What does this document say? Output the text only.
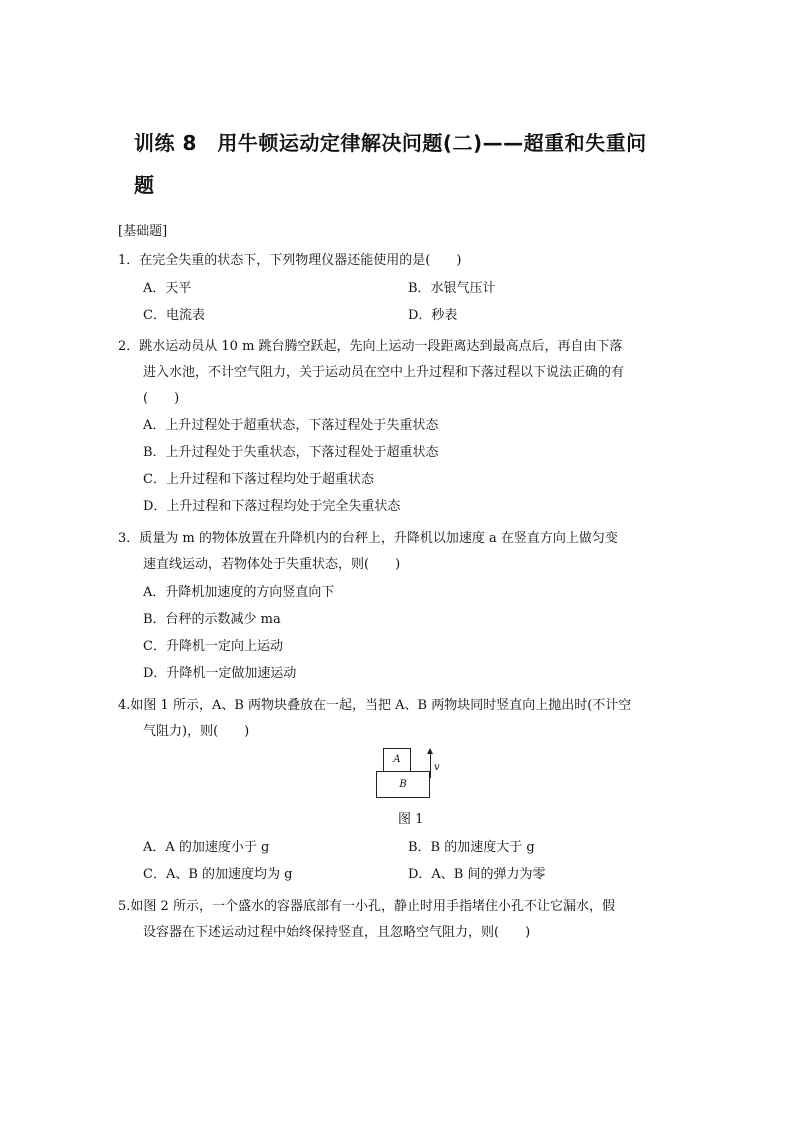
训练 8　用牛顿运动定律解决问题(二)——超重和失重问
题
[基础题]
1．在完全失重的状态下，下列物理仪器还能使用的是(　　)
A．天平	B．水银气压计
C．电流表	D．秒表
2．跳水运动员从 10 m 跳台腾空跃起，先向上运动一段距离达到最高点后，再自由下落
进入水池，不计空气阻力，关于运动员在空中上升过程和下落过程以下说法正确的有
(　　)
A．上升过程处于超重状态，下落过程处于失重状态
B．上升过程处于失重状态，下落过程处于超重状态
C．上升过程和下落过程均处于超重状态
D．上升过程和下落过程均处于完全失重状态
3．质量为 m 的物体放置在升降机内的台秤上，升降机以加速度 a 在竖直方向上做匀变
速直线运动，若物体处于失重状态，则(　　)
A．升降机加速度的方向竖直向下
B．台秤的示数减少 ma
C．升降机一定向上运动
D．升降机一定做加速运动
4.如图 1 所示，A、B 两物块叠放在一起，当把 A、B 两物块同时竖直向上抛出时(不计空
气阻力)，则(　　)
A
B
v
图 1
A．A 的加速度小于 g	B．B 的加速度大于 g
C．A、B 的加速度均为 g	D．A、B 间的弹力为零
5.如图 2 所示，一个盛水的容器底部有一小孔，静止时用手指堵住小孔不让它漏水，假
设容器在下述运动过程中始终保持竖直，且忽略空气阻力，则(　　)
